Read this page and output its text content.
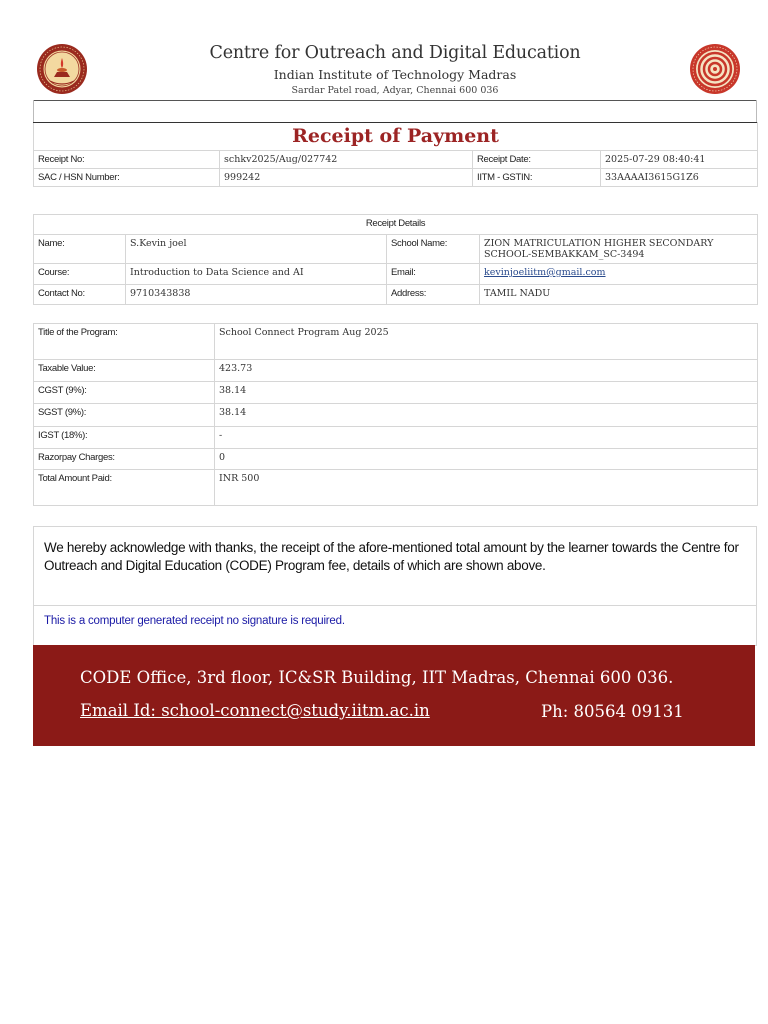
Centre for Outreach and Digital Education
Indian Institute of Technology Madras
Sardar Patel road, Adyar, Chennai 600 036
Receipt of Payment			
Receipt No:	schkv2025/Aug/027742	Receipt Date:	2025-07-29 08:40:41
SAC / HSN Number:	999242	IITM - GSTIN:	33AAAAI3615G1Z6
Receipt Details			
Name:	S.Kevin joel	School Name:	ZION MATRICULATION HIGHER SECONDARY SCHOOL-SEMBAKKAM_SC-3494
Course:	Introduction to Data Science and AI	Email:	kevinjoeliitm@gmail.com
Contact No:	9710343838	Address:	TAMIL NADU
Title of the Program:	School Connect Program Aug 2025
Taxable Value:	423.73
CGST (9%):	38.14
SGST (9%):	38.14
IGST (18%):	-
Razorpay Charges:	0
Total Amount Paid:	INR 500
We hereby acknowledge with thanks, the receipt of the afore-mentioned total amount by the learner towards the Centre for Outreach and Digital Education (CODE) Program fee, details of which are shown above.
This is a computer generated receipt no signature is required.
CODE Office, 3rd floor, IC&SR Building, IIT Madras, Chennai 600 036.
Email Id: school-connect@study.iitm.ac.in	Ph: 80564 09131
